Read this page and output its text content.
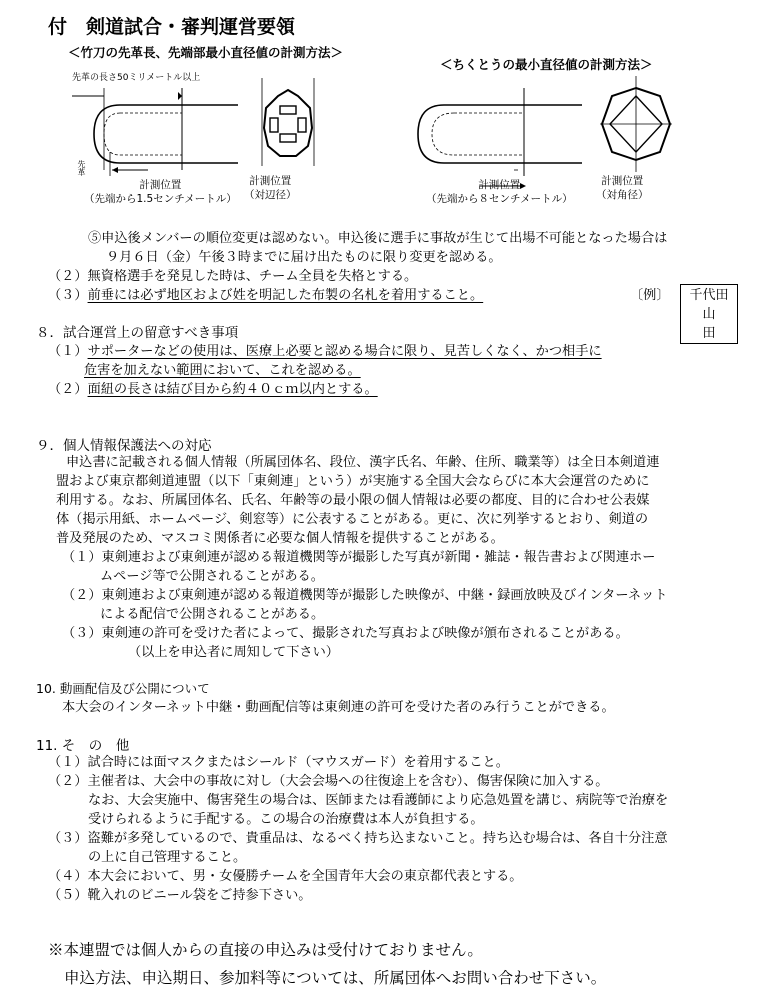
付　剣道試合・審判運営要領
＜竹刀の先革長、先端部最小直径値の計測方法＞
＜ちくとうの最小直径値の計測方法＞
先革の長さ50ミリメートル以上
先革
計測位置
（先端から1.5センチメートル）
計測位置
（対辺径）
計測位置
（先端から８センチメートル）
計測位置
（対角径）
⑤申込後メンバーの順位変更は認めない。申込後に選手に事故が生じて出場不可能となった場合は
９月６日（金）午後３時までに届け出たものに限り変更を認める。
（２）無資格選手を発見した時は、チーム全員を失格とする。
（３）前垂には必ず地区および姓を明記した布製の名札を着用すること。	〔例〕	千代田
山
田
８．試合運営上の留意すべき事項
（１）サポーターなどの使用は、医療上必要と認める場合に限り、見苦しくなく、かつ相手に
危害を加えない範囲において、これを認める。
（２）面紐の長さは結び目から約４０ｃｍ以内とする。
９．個人情報保護法への対応
申込書に記載される個人情報（所属団体名、段位、漢字氏名、年齢、住所、職業等）は全日本剣道連
盟および東京都剣道連盟（以下「東剣連」という）が実施する全国大会ならびに本大会運営のために
利用する。なお、所属団体名、氏名、年齢等の最小限の個人情報は必要の都度、目的に合わせ公表媒
体（掲示用紙、ホームページ、剣窓等）に公表することがある。更に、次に列挙するとおり、剣道の
普及発展のため、マスコミ関係者に必要な個人情報を提供することがある。
（１）東剣連および東剣連が認める報道機関等が撮影した写真が新聞・雑誌・報告書および関連ホー
ムページ等で公開されることがある。
（２）東剣連および東剣連が認める報道機関等が撮影した映像が、中継・録画放映及びインターネット
による配信で公開されることがある。
（３）東剣連の許可を受けた者によって、撮影された写真および映像が頒布されることがある。
（以上を申込者に周知して下さい）
10. 動画配信及び公開について
本大会のインターネット中継・動画配信等は東剣連の許可を受けた者のみ行うことができる。
11. そ　の　他
（１）試合時には面マスクまたはシールド（マウスガード）を着用すること。
（２）主催者は、大会中の事故に対し（大会会場への往復途上を含む）、傷害保険に加入する。
なお、大会実施中、傷害発生の場合は、医師または看護師により応急処置を講じ、病院等で治療を
受けられるように手配する。この場合の治療費は本人が負担する。
（３）盗難が多発しているので、貴重品は、なるべく持ち込まないこと。持ち込む場合は、各自十分注意
の上に自己管理すること。
（４）本大会において、男・女優勝チームを全国青年大会の東京都代表とする。
（５）靴入れのビニール袋をご持参下さい。
※本連盟では個人からの直接の申込みは受付けておりません。
申込方法、申込期日、参加料等については、所属団体へお問い合わせ下さい。
